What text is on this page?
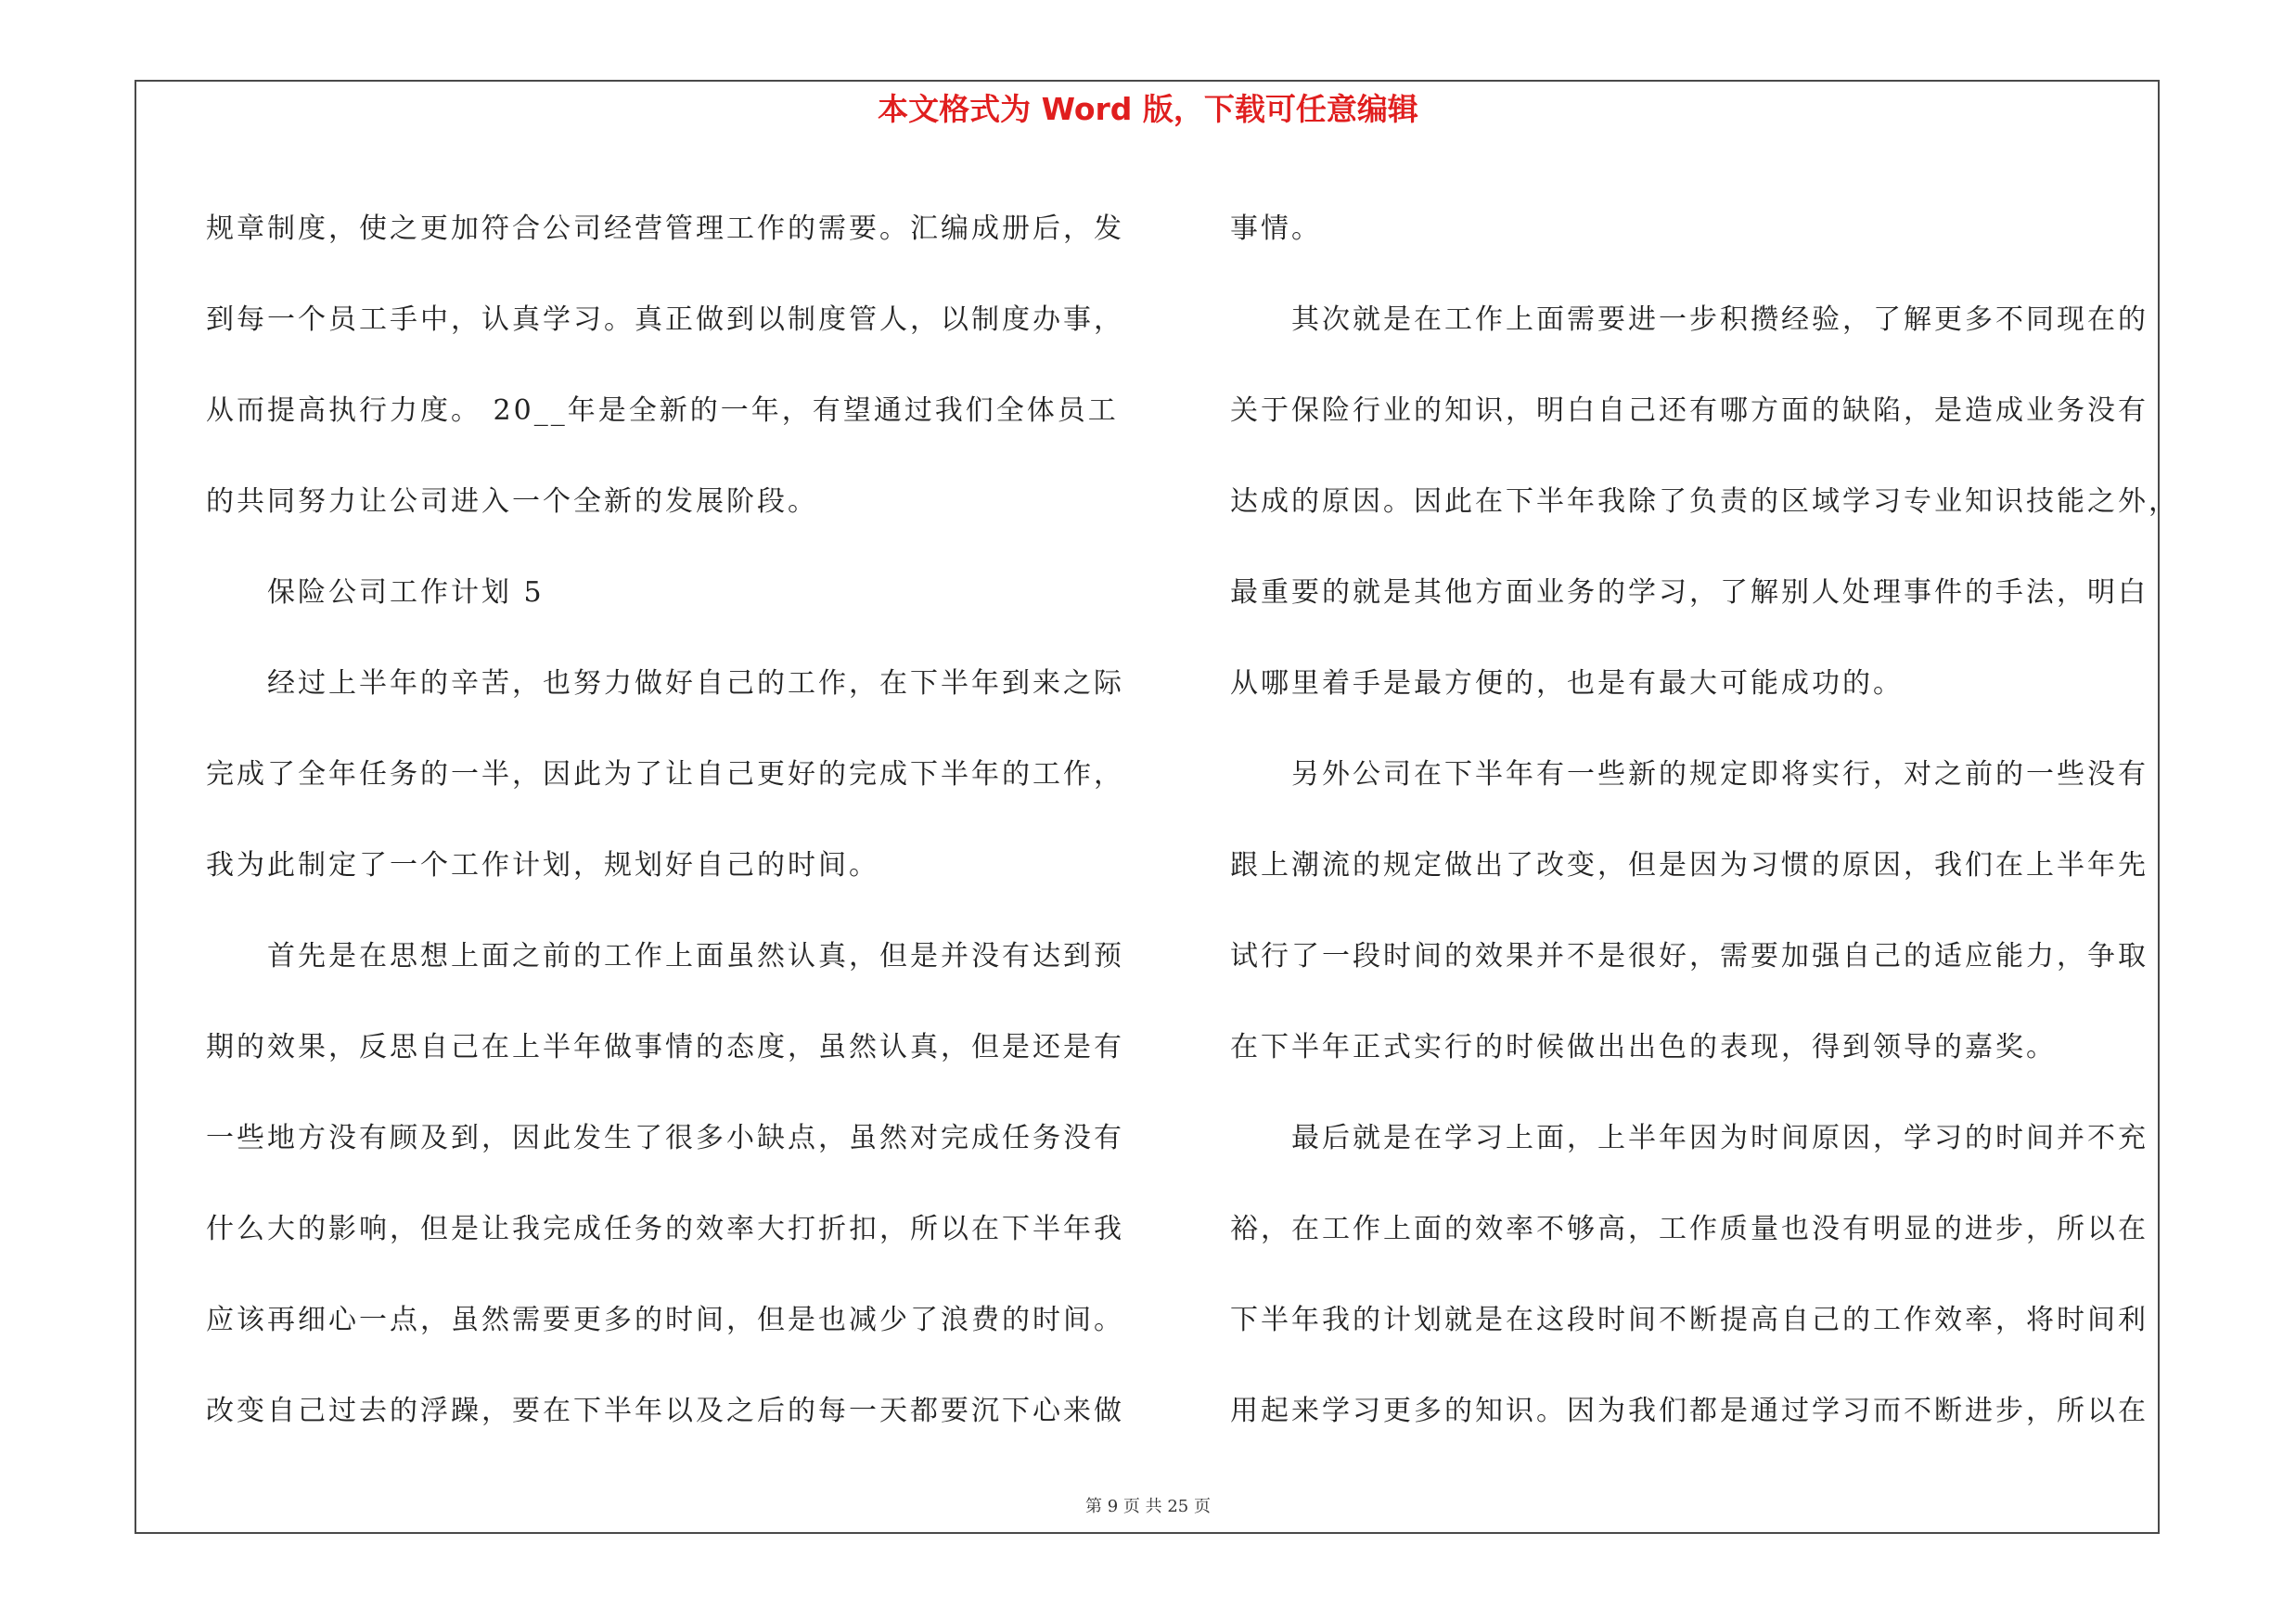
本文格式为 Word 版，下载可任意编辑
规章制度，使之更加符合公司经营管理工作的需要。汇编成册后，发
到每一个员工手中，认真学习。真正做到以制度管人，以制度办事，
从而提高执行力度。 20__年是全新的一年，有望通过我们全体员工
的共同努力让公司进入一个全新的发展阶段。
保险公司工作计划 5
经过上半年的辛苦，也努力做好自己的工作，在下半年到来之际
完成了全年任务的一半，因此为了让自己更好的完成下半年的工作，
我为此制定了一个工作计划，规划好自己的时间。
首先是在思想上面之前的工作上面虽然认真，但是并没有达到预
期的效果，反思自己在上半年做事情的态度，虽然认真，但是还是有
一些地方没有顾及到，因此发生了很多小缺点，虽然对完成任务没有
什么大的影响，但是让我完成任务的效率大打折扣，所以在下半年我
应该再细心一点，虽然需要更多的时间，但是也减少了浪费的时间。
改变自己过去的浮躁，要在下半年以及之后的每一天都要沉下心来做
事情。
其次就是在工作上面需要进一步积攒经验，了解更多不同现在的
关于保险行业的知识，明白自己还有哪方面的缺陷，是造成业务没有
达成的原因。因此在下半年我除了负责的区域学习专业知识技能之外，
最重要的就是其他方面业务的学习，了解别人处理事件的手法，明白
从哪里着手是最方便的，也是有最大可能成功的。
另外公司在下半年有一些新的规定即将实行，对之前的一些没有
跟上潮流的规定做出了改变，但是因为习惯的原因，我们在上半年先
试行了一段时间的效果并不是很好，需要加强自己的适应能力，争取
在下半年正式实行的时候做出出色的表现，得到领导的嘉奖。
最后就是在学习上面，上半年因为时间原因，学习的时间并不充
裕，在工作上面的效率不够高，工作质量也没有明显的进步，所以在
下半年我的计划就是在这段时间不断提高自己的工作效率，将时间利
用起来学习更多的知识。因为我们都是通过学习而不断进步，所以在
第 9 页 共 25 页
